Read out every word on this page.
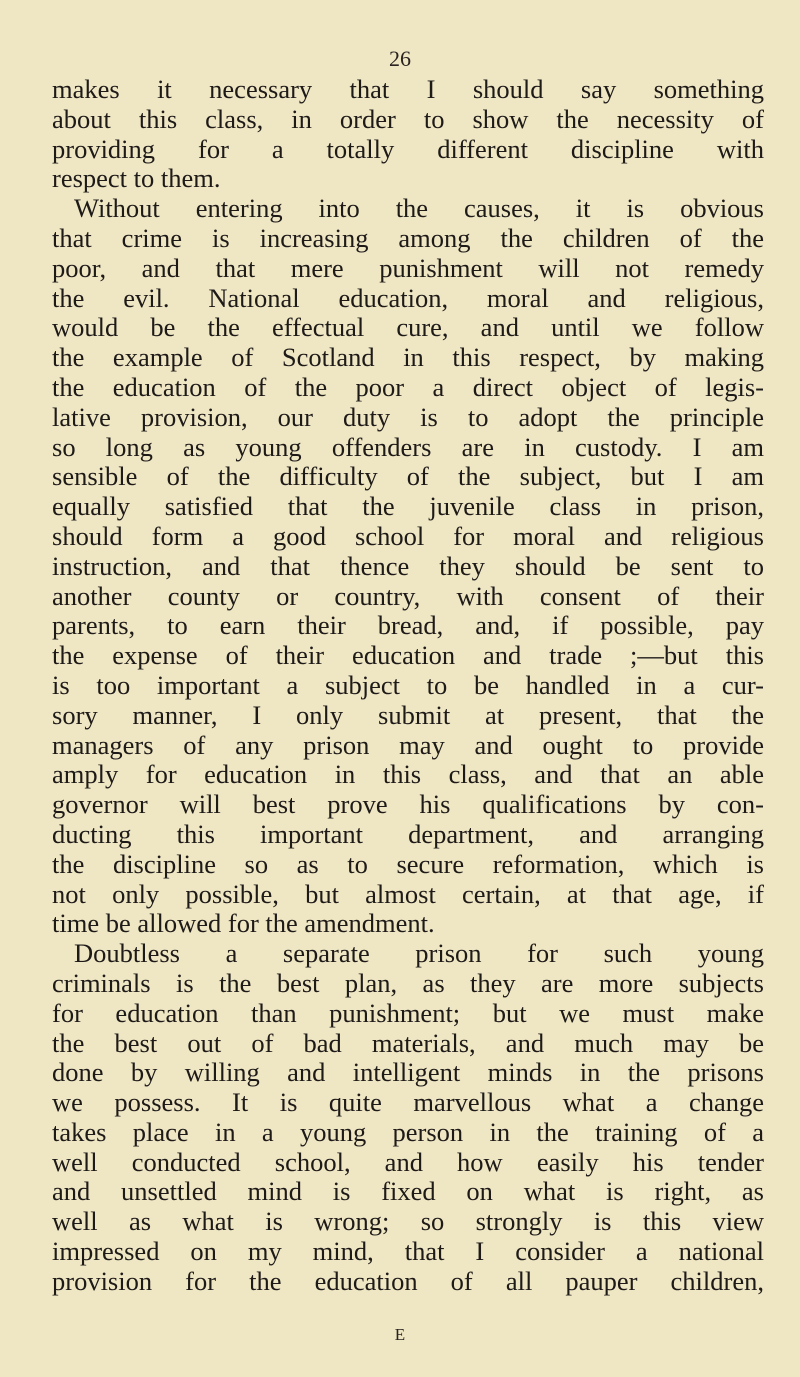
26
makes it necessary that I should say something
about this class, in order to show the necessity of
providing for a totally different discipline with
respect to them.
Without entering into the causes, it is obvious
that crime is increasing among the children of the
poor, and that mere punishment will not remedy
the evil. National education, moral and religious,
would be the effectual cure, and until we follow
the example of Scotland in this respect, by making
the education of the poor a direct object of legis-
lative provision, our duty is to adopt the principle
so long as young offenders are in custody. I am
sensible of the difficulty of the subject, but I am
equally satisfied that the juvenile class in prison,
should form a good school for moral and religious
instruction, and that thence they should be sent to
another county or country, with consent of their
parents, to earn their bread, and, if possible, pay
the expense of their education and trade ;—but this
is too important a subject to be handled in a cur-
sory manner, I only submit at present, that the
managers of any prison may and ought to provide
amply for education in this class, and that an able
governor will best prove his qualifications by con-
ducting this important department, and arranging
the discipline so as to secure reformation, which is
not only possible, but almost certain, at that age, if
time be allowed for the amendment.
Doubtless a separate prison for such young
criminals is the best plan, as they are more subjects
for education than punishment; but we must make
the best out of bad materials, and much may be
done by willing and intelligent minds in the prisons
we possess. It is quite marvellous what a change
takes place in a young person in the training of a
well conducted school, and how easily his tender
and unsettled mind is fixed on what is right, as
well as what is wrong; so strongly is this view
impressed on my mind, that I consider a national
provision for the education of all pauper children,
E
